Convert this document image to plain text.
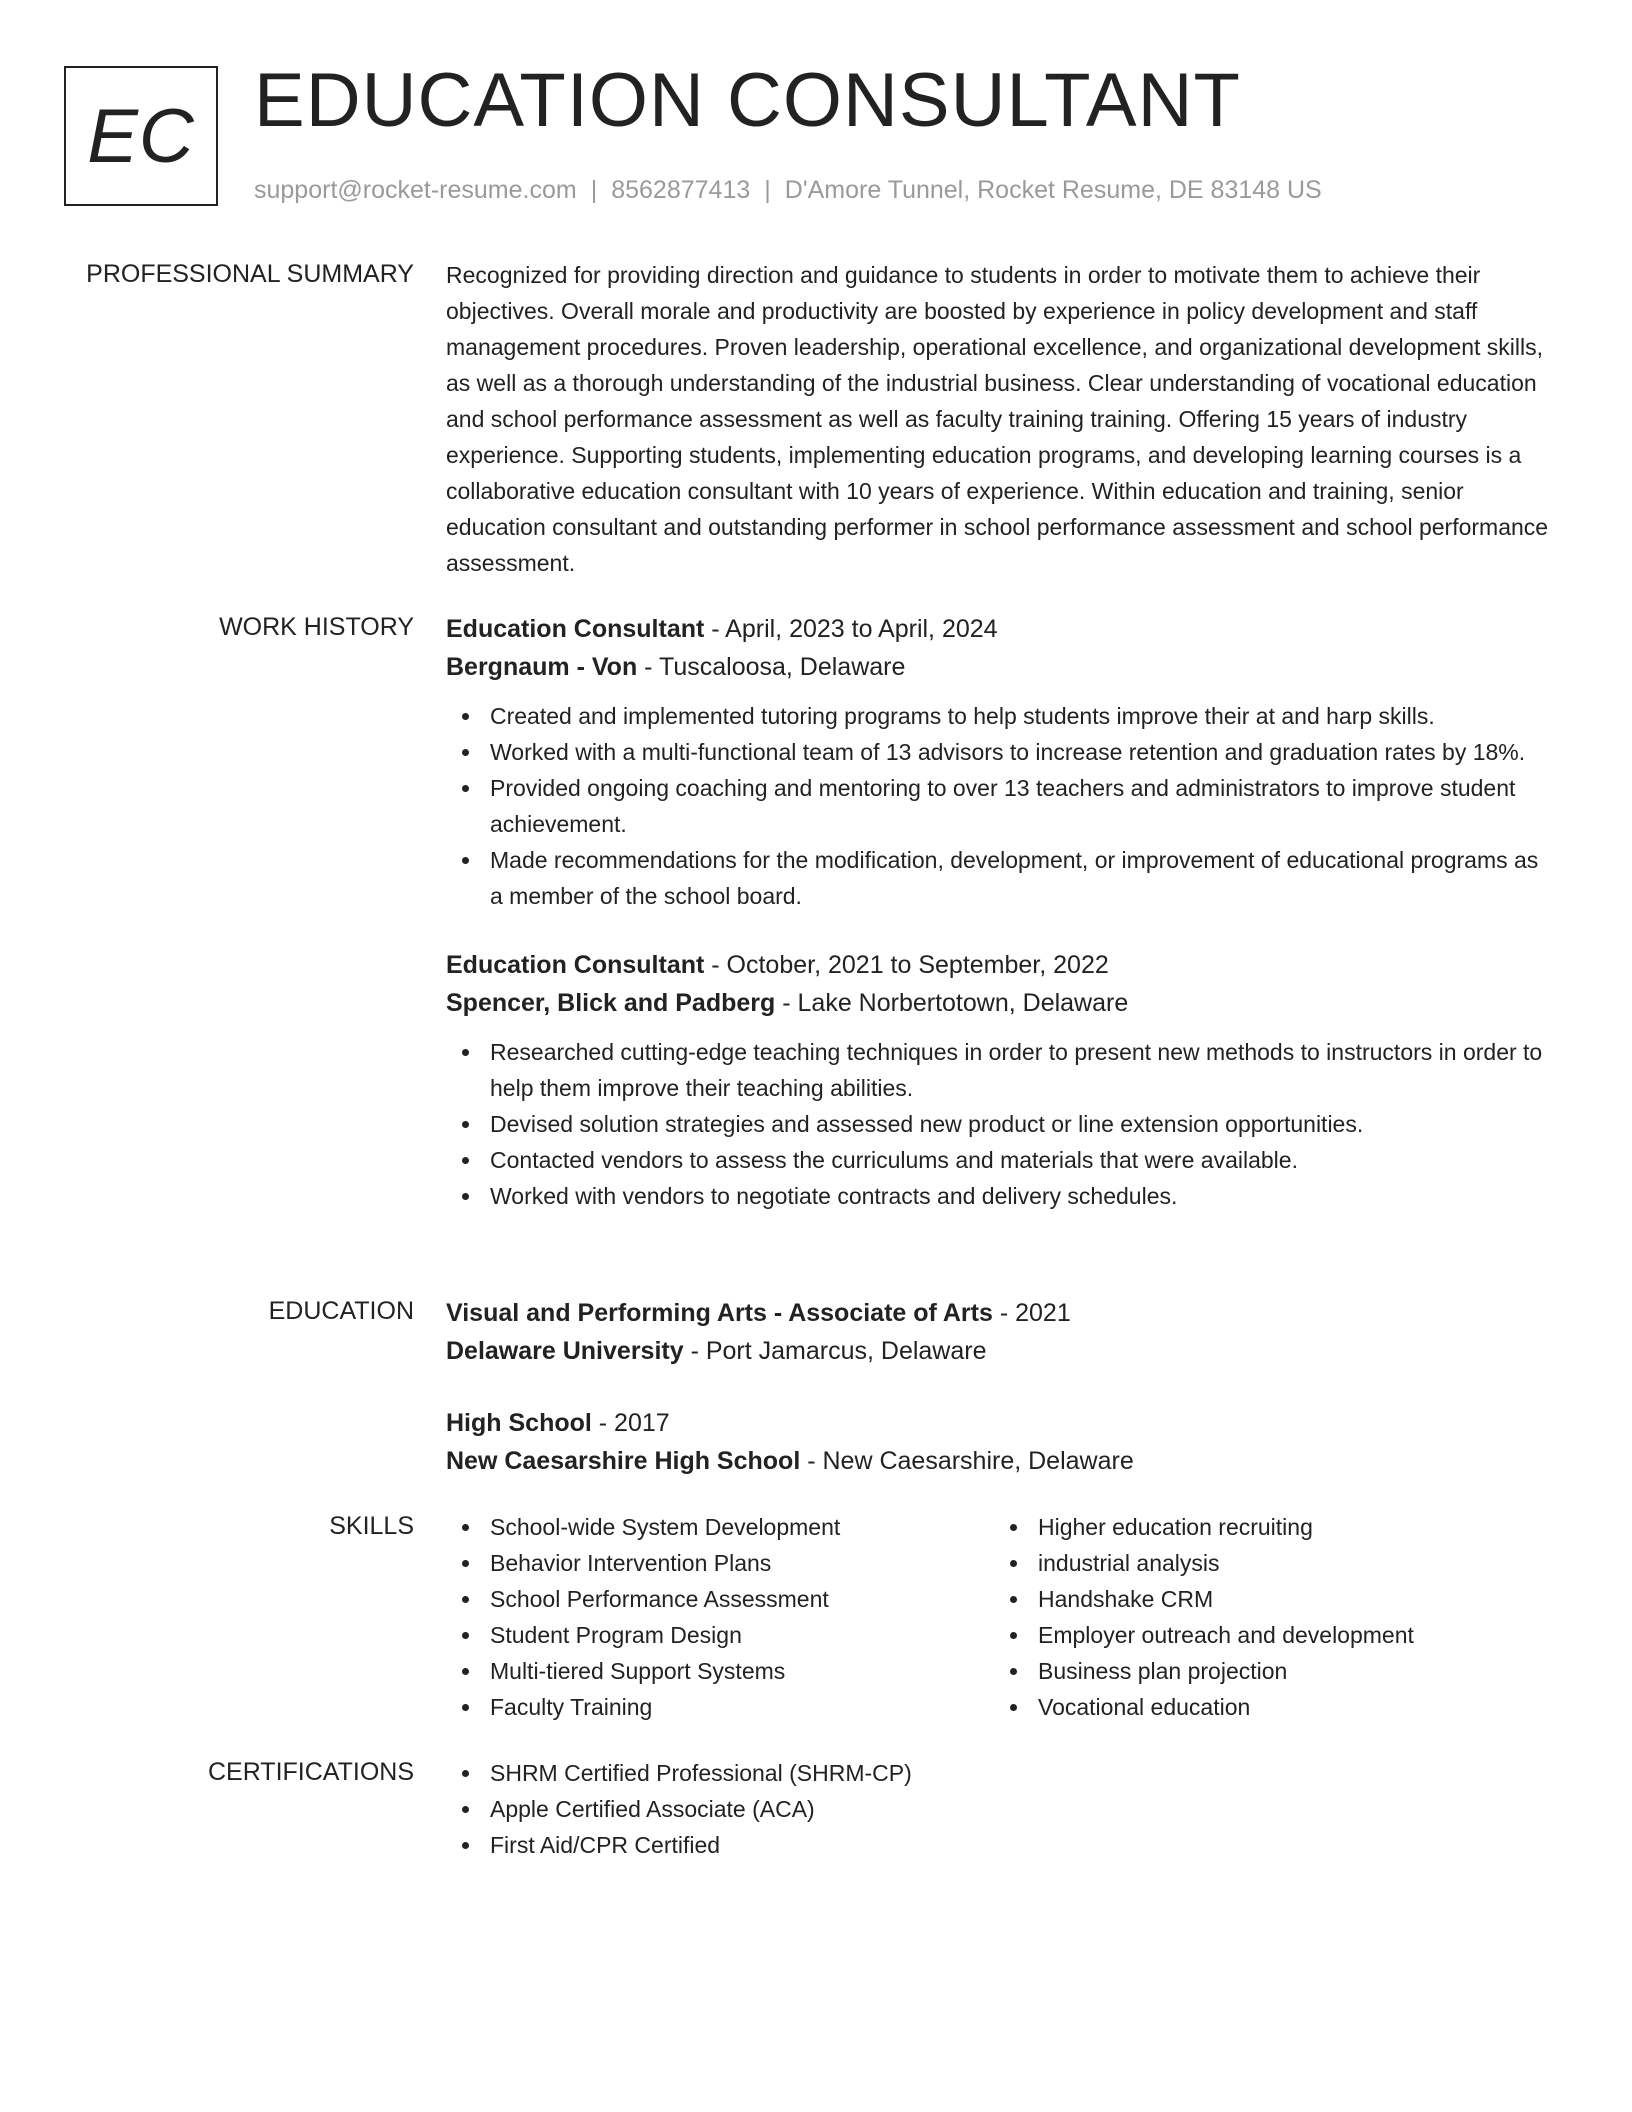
EC EDUCATION CONSULTANT
support@rocket-resume.com | 8562877413 | D'Amore Tunnel, Rocket Resume, DE 83148 US
PROFESSIONAL SUMMARY Recognized for providing direction and guidance to students in order to motivate them to achieve their objectives. Overall morale and productivity are boosted by experience in policy development and staff management procedures. Proven leadership, operational excellence, and organizational development skills, as well as a thorough understanding of the industrial business. Clear understanding of vocational education and school performance assessment as well as faculty training training. Offering 15 years of industry experience. Supporting students, implementing education programs, and developing learning courses is a collaborative education consultant with 10 years of experience. Within education and training, senior education consultant and outstanding performer in school performance assessment and school performance assessment.

WORK HISTORY Education Consultant - April, 2023 to April, 2024

Bergnaum - Von - Tuscaloosa, Delaware

Created and implemented tutoring programs to help students improve their at and harp skills.
Worked with a multi-functional team of 13 advisors to increase retention and graduation rates by 18%.
Provided ongoing coaching and mentoring to over 13 teachers and administrators to improve student achievement.
Made recommendations for the modification, development, or improvement of educational programs as a member of the school board.

Education Consultant - October, 2021 to September, 2022

Spencer, Blick and Padberg - Lake Norbertotown, Delaware

Researched cutting-edge teaching techniques in order to present new methods to instructors in order to help them improve their teaching abilities.
Devised solution strategies and assessed new product or line extension opportunities.
Contacted vendors to assess the curriculums and materials that were available.
Worked with vendors to negotiate contracts and delivery schedules.
EDUCATION Visual and Performing Arts - Associate of Arts - 2021

Delaware University - Port Jamarcus, Delaware

High School - 2017

New Caesarshire High School - New Caesarshire, Delaware

SKILLS	School-wide System Development
Behavior Intervention Plans
School Performance Assessment
Student Program Design
Multi-tiered Support Systems
Faculty Training
Higher education recruiting
industrial analysis
Handshake CRM
Employer outreach and development
Business plan projection
Vocational education
CERTIFICATIONS	SHRM Certified Professional (SHRM-CP)
Apple Certified Associate (ACA)
First Aid/CPR Certified
